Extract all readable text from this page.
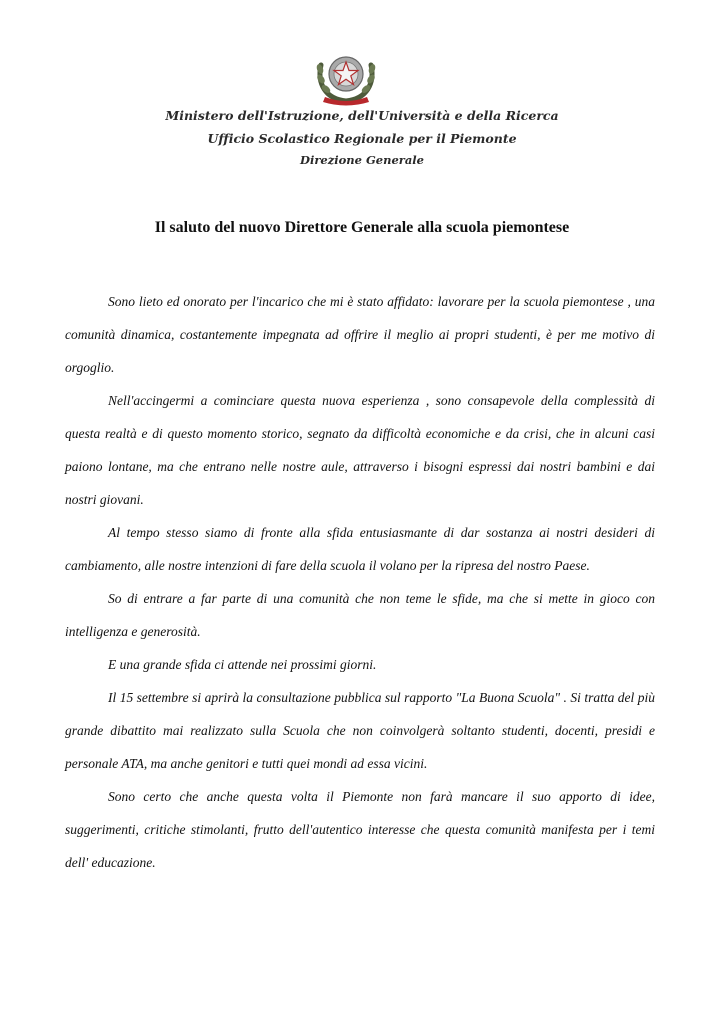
Ministero dell'Istruzione, dell'Università e della Ricerca
Ufficio Scolastico Regionale per il Piemonte
Direzione Generale
Il saluto del nuovo Direttore Generale alla scuola piemontese

Sono lieto ed onorato per l'incarico che mi è stato affidato: lavorare per la scuola piemontese , una comunità dinamica, costantemente impegnata ad offrire il meglio ai propri studenti, è per me motivo di orgoglio.

Nell'accingermi a cominciare questa nuova esperienza , sono consapevole della complessità di questa realtà e di questo momento storico, segnato da difficoltà economiche e da crisi, che in alcuni casi paiono lontane, ma che entrano nelle nostre aule, attraverso i bisogni espressi dai nostri bambini e dai nostri giovani.

Al tempo stesso siamo di fronte alla sfida entusiasmante di dar sostanza ai nostri desideri di cambiamento, alle nostre intenzioni di fare della scuola il volano per la ripresa del nostro Paese.

So di entrare a far parte di una comunità che non teme le sfide, ma che si mette in gioco con intelligenza e generosità.

E una grande sfida ci attende nei prossimi giorni.

Il 15 settembre si aprirà la consultazione pubblica sul rapporto "La Buona Scuola" . Si tratta del più grande dibattito mai realizzato sulla Scuola che non coinvolgerà soltanto studenti, docenti, presidi e personale ATA, ma anche genitori e tutti quei mondi ad essa vicini.

Sono certo che anche questa volta il Piemonte non farà mancare il suo apporto di idee, suggerimenti, critiche stimolanti, frutto dell'autentico interesse che questa comunità manifesta per i temi dell' educazione.
